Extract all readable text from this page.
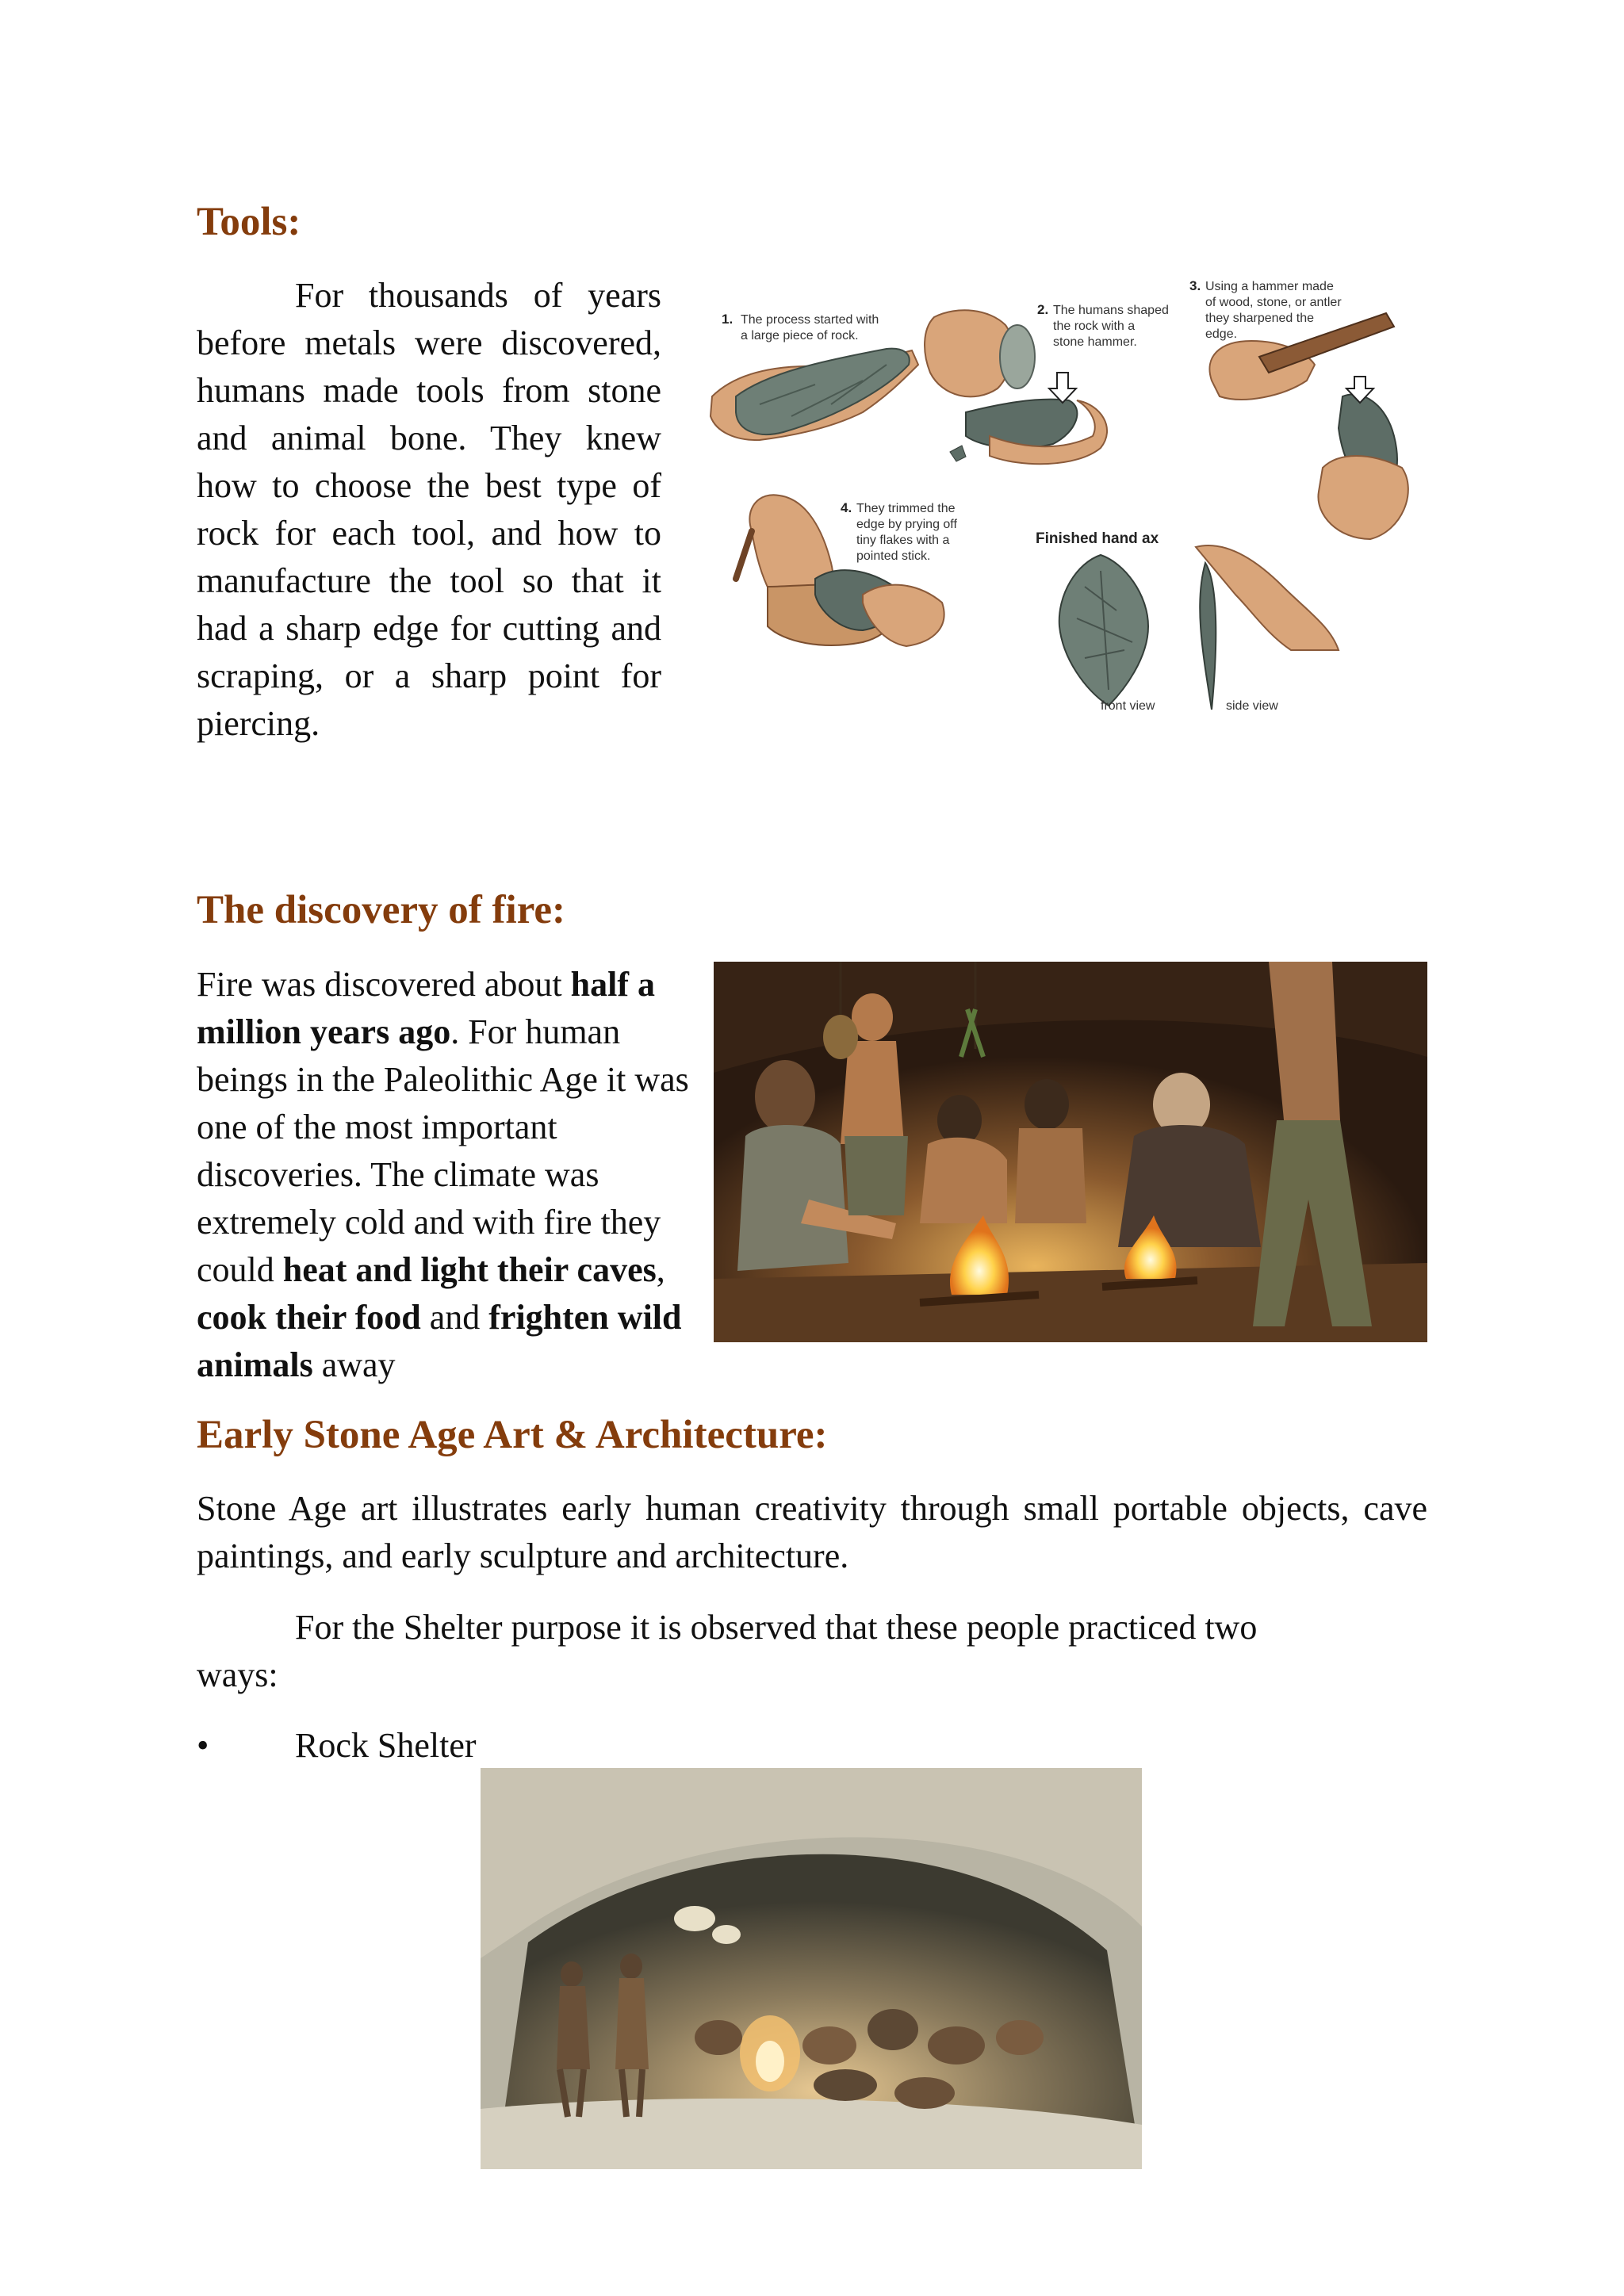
Tools:

For thousands of years before metals were discovered, humans made tools from stone and animal bone. They knew how to choose the best type of rock for each tool, and how to manufacture the tool so that it had a sharp edge for cutting and scraping, or a sharp point for piercing.

1. The process started with
a large piece of rock.
2. The humans shaped
the rock with a
stone hammer.
3. Using a hammer made
of wood, stone, or antler
they sharpened the
edge.
4. They trimmed the
edge by prying off
tiny flakes with a
pointed stick.
Finished hand ax
front view	side view
The discovery of fire:

Fire was discovered about half a million years ago. For human beings in the Paleolithic Age it was one of the most important discoveries. The climate was extremely cold and with fire they could heat and light their caves, cook their food and frighten wild animals away

Early Stone Age Art & Architecture:

Stone Age art illustrates early human creativity through small portable objects, cave paintings, and early sculpture and architecture.

For the Shelter purpose it is observed that these people practiced two

ways:

• Rock Shelter
